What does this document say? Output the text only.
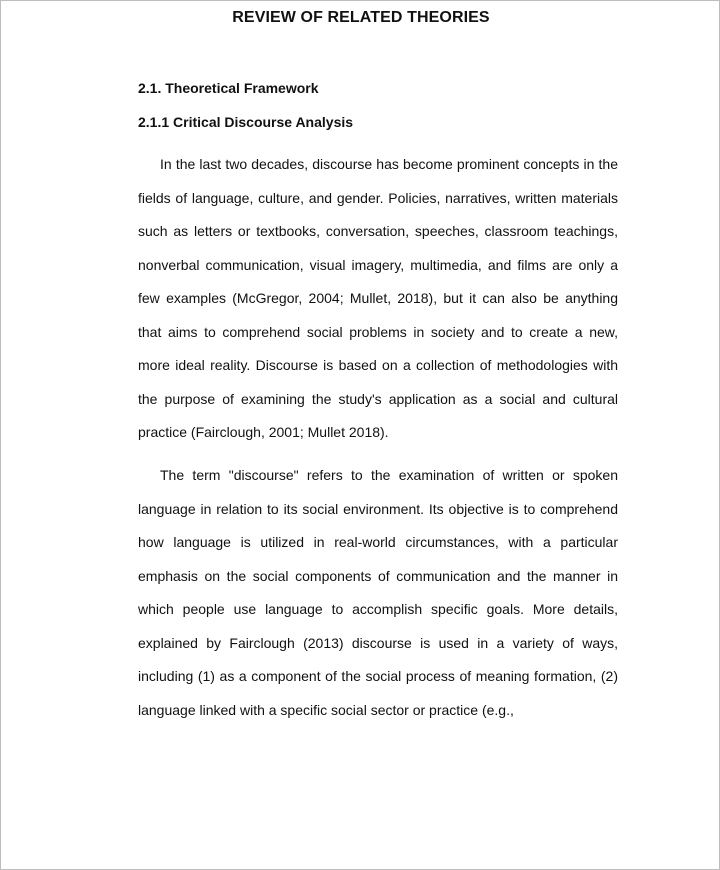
REVIEW OF RELATED THEORIES
2.1. Theoretical Framework
2.1.1 Critical Discourse Analysis

In the last two decades, discourse has become prominent concepts in the fields of language, culture, and gender. Policies, narratives, written materials such as letters or textbooks, conversation, speeches, classroom teachings, nonverbal communication, visual imagery, multimedia, and films are only a few examples (McGregor, 2004; Mullet, 2018), but it can also be anything that aims to comprehend social problems in society and to create a new, more ideal reality. Discourse is based on a collection of methodologies with the purpose of examining the study's application as a social and cultural practice (Fairclough, 2001; Mullet 2018).

The term "discourse" refers to the examination of written or spoken language in relation to its social environment. Its objective is to comprehend how language is utilized in real-world circumstances, with a particular emphasis on the social components of communication and the manner in which people use language to accomplish specific goals. More details, explained by Fairclough (2013) discourse is used in a variety of ways, including (1) as a component of the social process of meaning formation, (2) language linked with a specific social sector or practice (e.g.,
